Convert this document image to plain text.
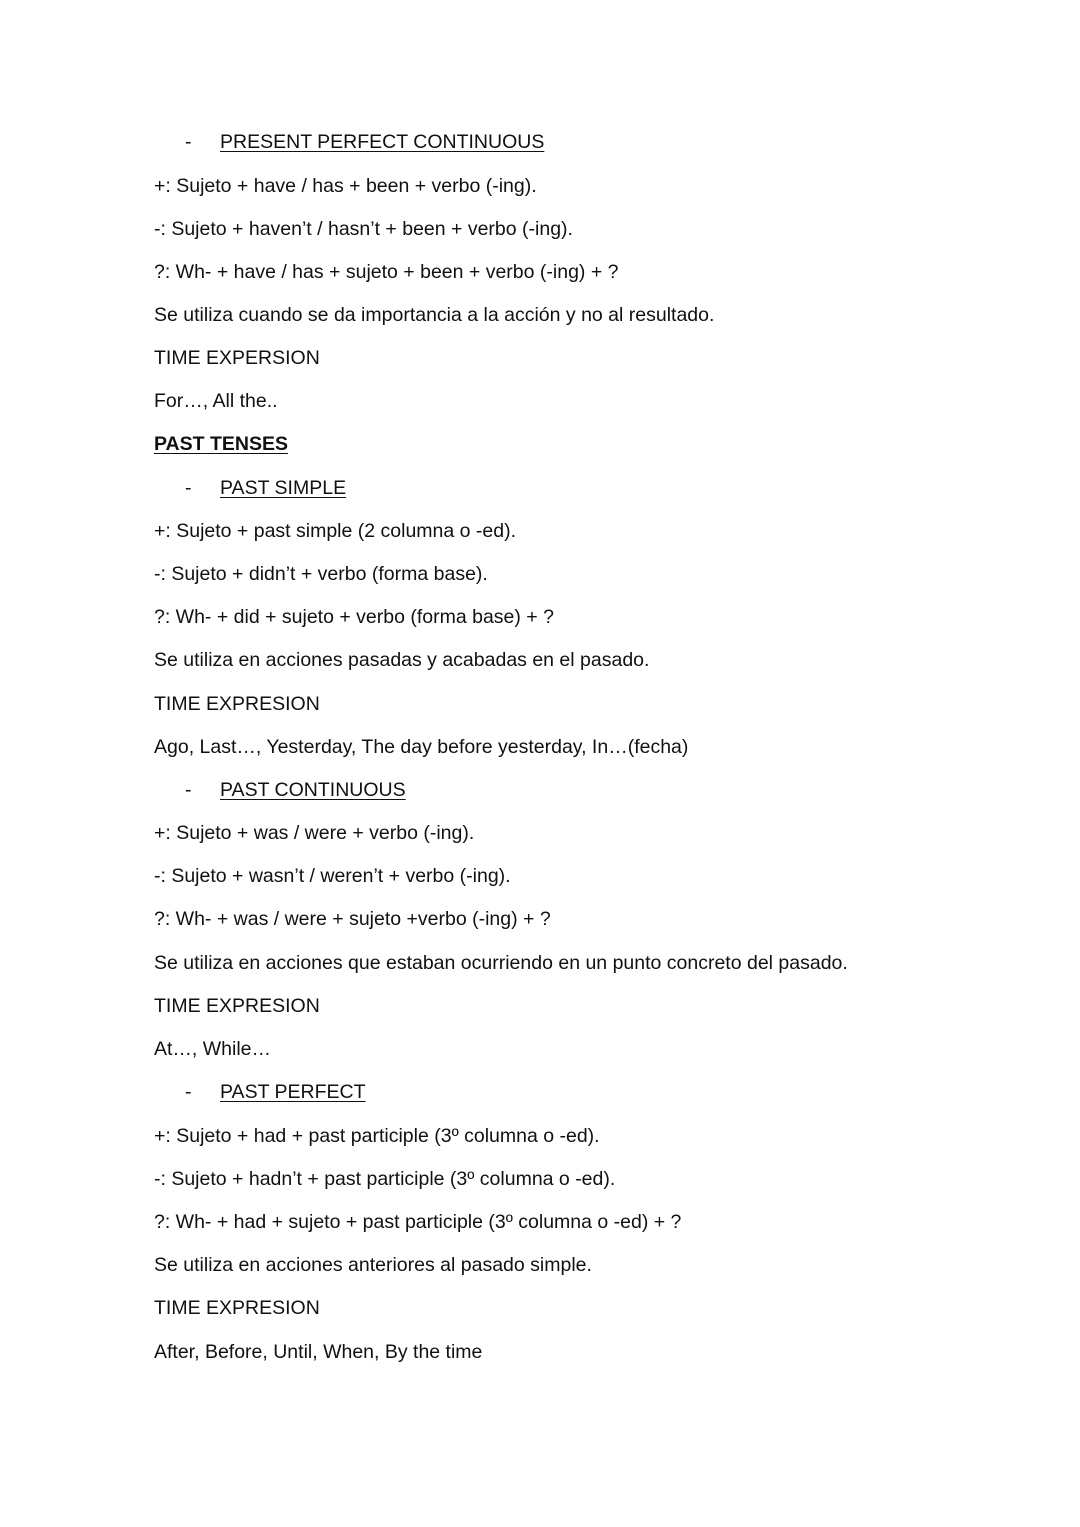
- PRESENT PERFECT CONTINUOUS
+: Sujeto + have / has + been + verbo (-ing).
-: Sujeto + haven’t / hasn’t + been + verbo (-ing).
?: Wh- + have / has + sujeto + been + verbo (-ing) + ?
Se utiliza cuando se da importancia a la acción y no al resultado.
TIME EXPERSION
For…, All the..
PAST TENSES
- PAST SIMPLE
+: Sujeto + past simple (2 columna o -ed).
-: Sujeto + didn’t + verbo (forma base).
?: Wh- + did + sujeto + verbo (forma base) + ?
Se utiliza en acciones pasadas y acabadas en el pasado.
TIME EXPRESION
Ago, Last…, Yesterday, The day before yesterday, In…(fecha)
- PAST CONTINUOUS
+: Sujeto + was / were + verbo (-ing).
-: Sujeto + wasn’t / weren’t + verbo (-ing).
?: Wh- + was / were + sujeto +verbo (-ing) + ?
Se utiliza en acciones que estaban ocurriendo en un punto concreto del pasado.
TIME EXPRESION
At…, While…
- PAST PERFECT
+: Sujeto + had + past participle (3º columna o -ed).
-: Sujeto + hadn’t + past participle (3º columna o -ed).
?: Wh- + had + sujeto + past participle (3º columna o -ed) + ?
Se utiliza en acciones anteriores al pasado simple.
TIME EXPRESION
After, Before, Until, When, By the time
